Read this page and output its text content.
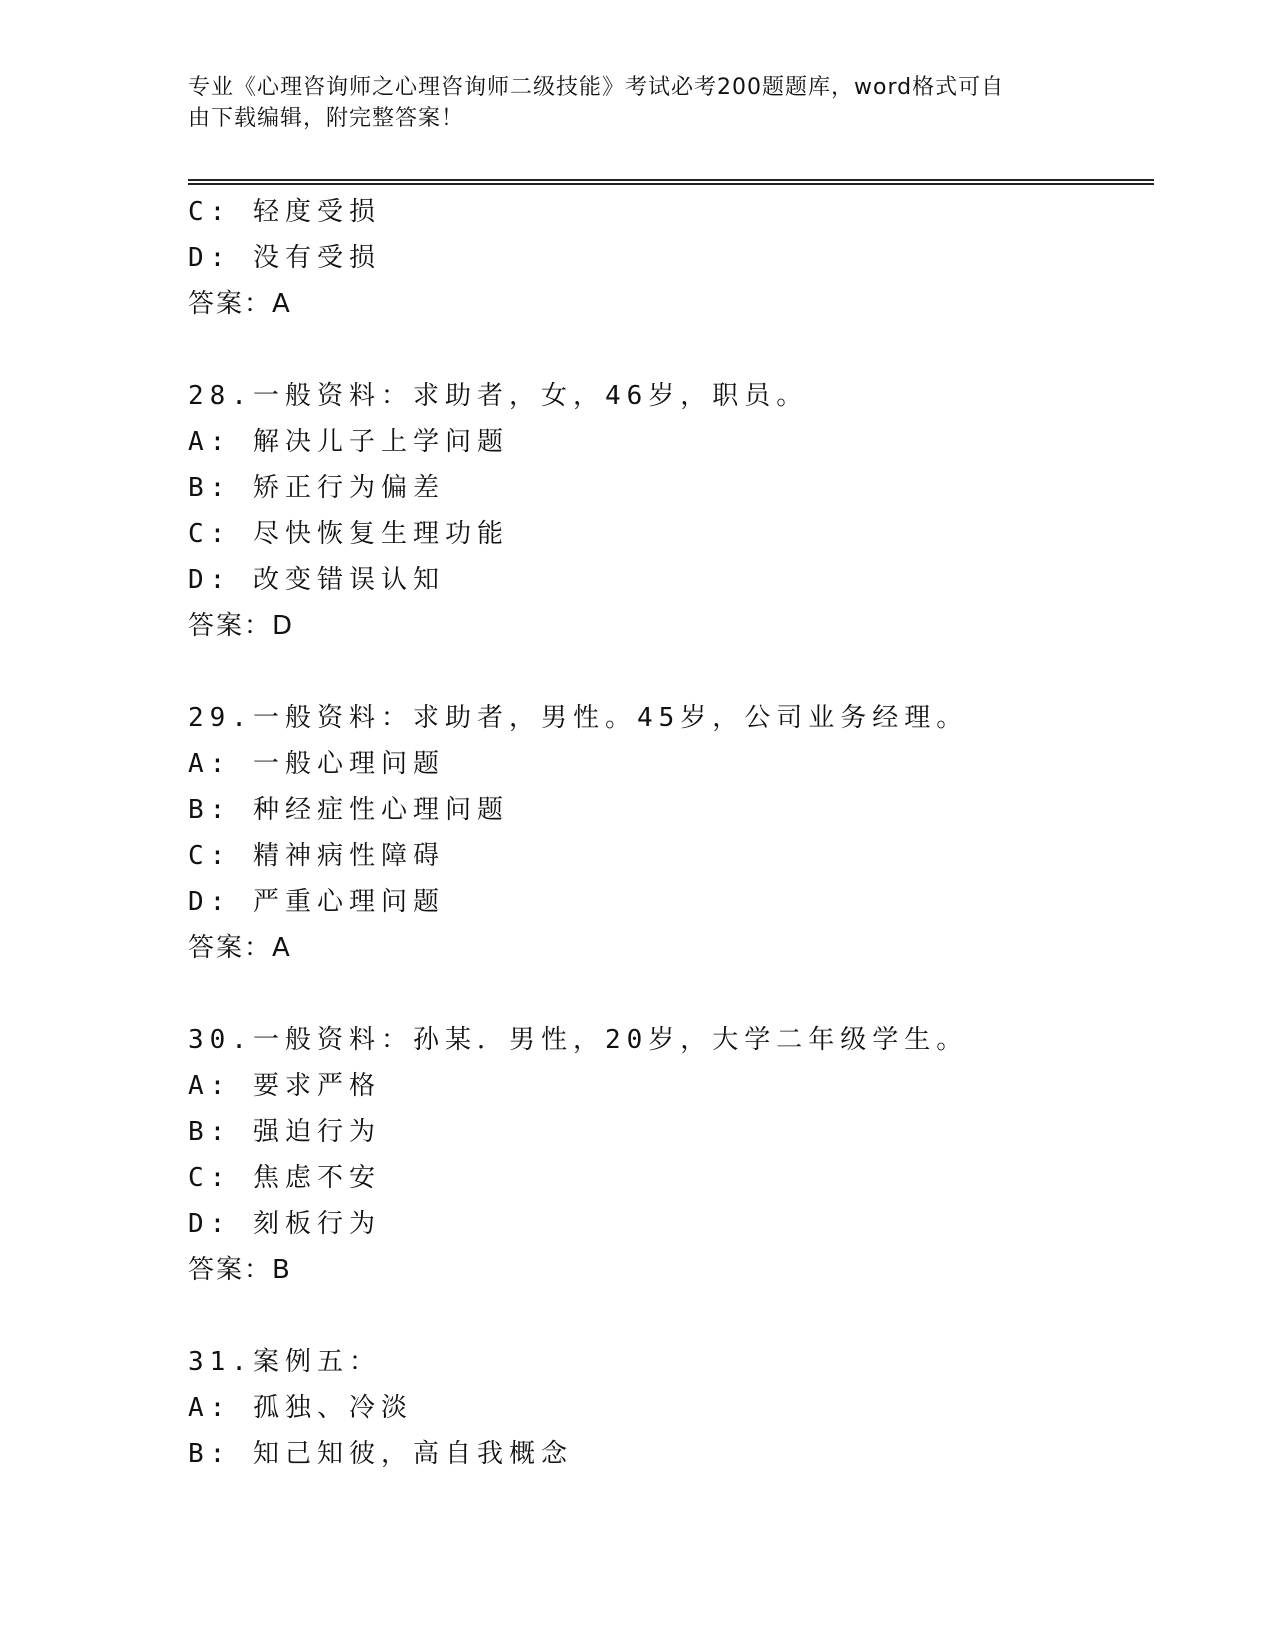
专业《心理咨询师之心理咨询师二级技能》考试必考200题题库，word格式可自
由下载编辑，附完整答案！
C: 轻度受损
D: 没有受损
答案：A
28.一般资料：求助者，女，46岁，职员。
A: 解决儿子上学问题
B: 矫正行为偏差
C: 尽快恢复生理功能
D: 改变错误认知
答案：D
29.一般资料：求助者，男性。45岁，公司业务经理。
A: 一般心理问题
B: 种经症性心理问题
C: 精神病性障碍
D: 严重心理问题
答案：A
30.一般资料：孙某．男性，20岁，大学二年级学生。
A: 要求严格
B: 强迫行为
C: 焦虑不安
D: 刻板行为
答案：B
31.案例五：
A: 孤独、冷淡
B: 知己知彼，高自我概念
